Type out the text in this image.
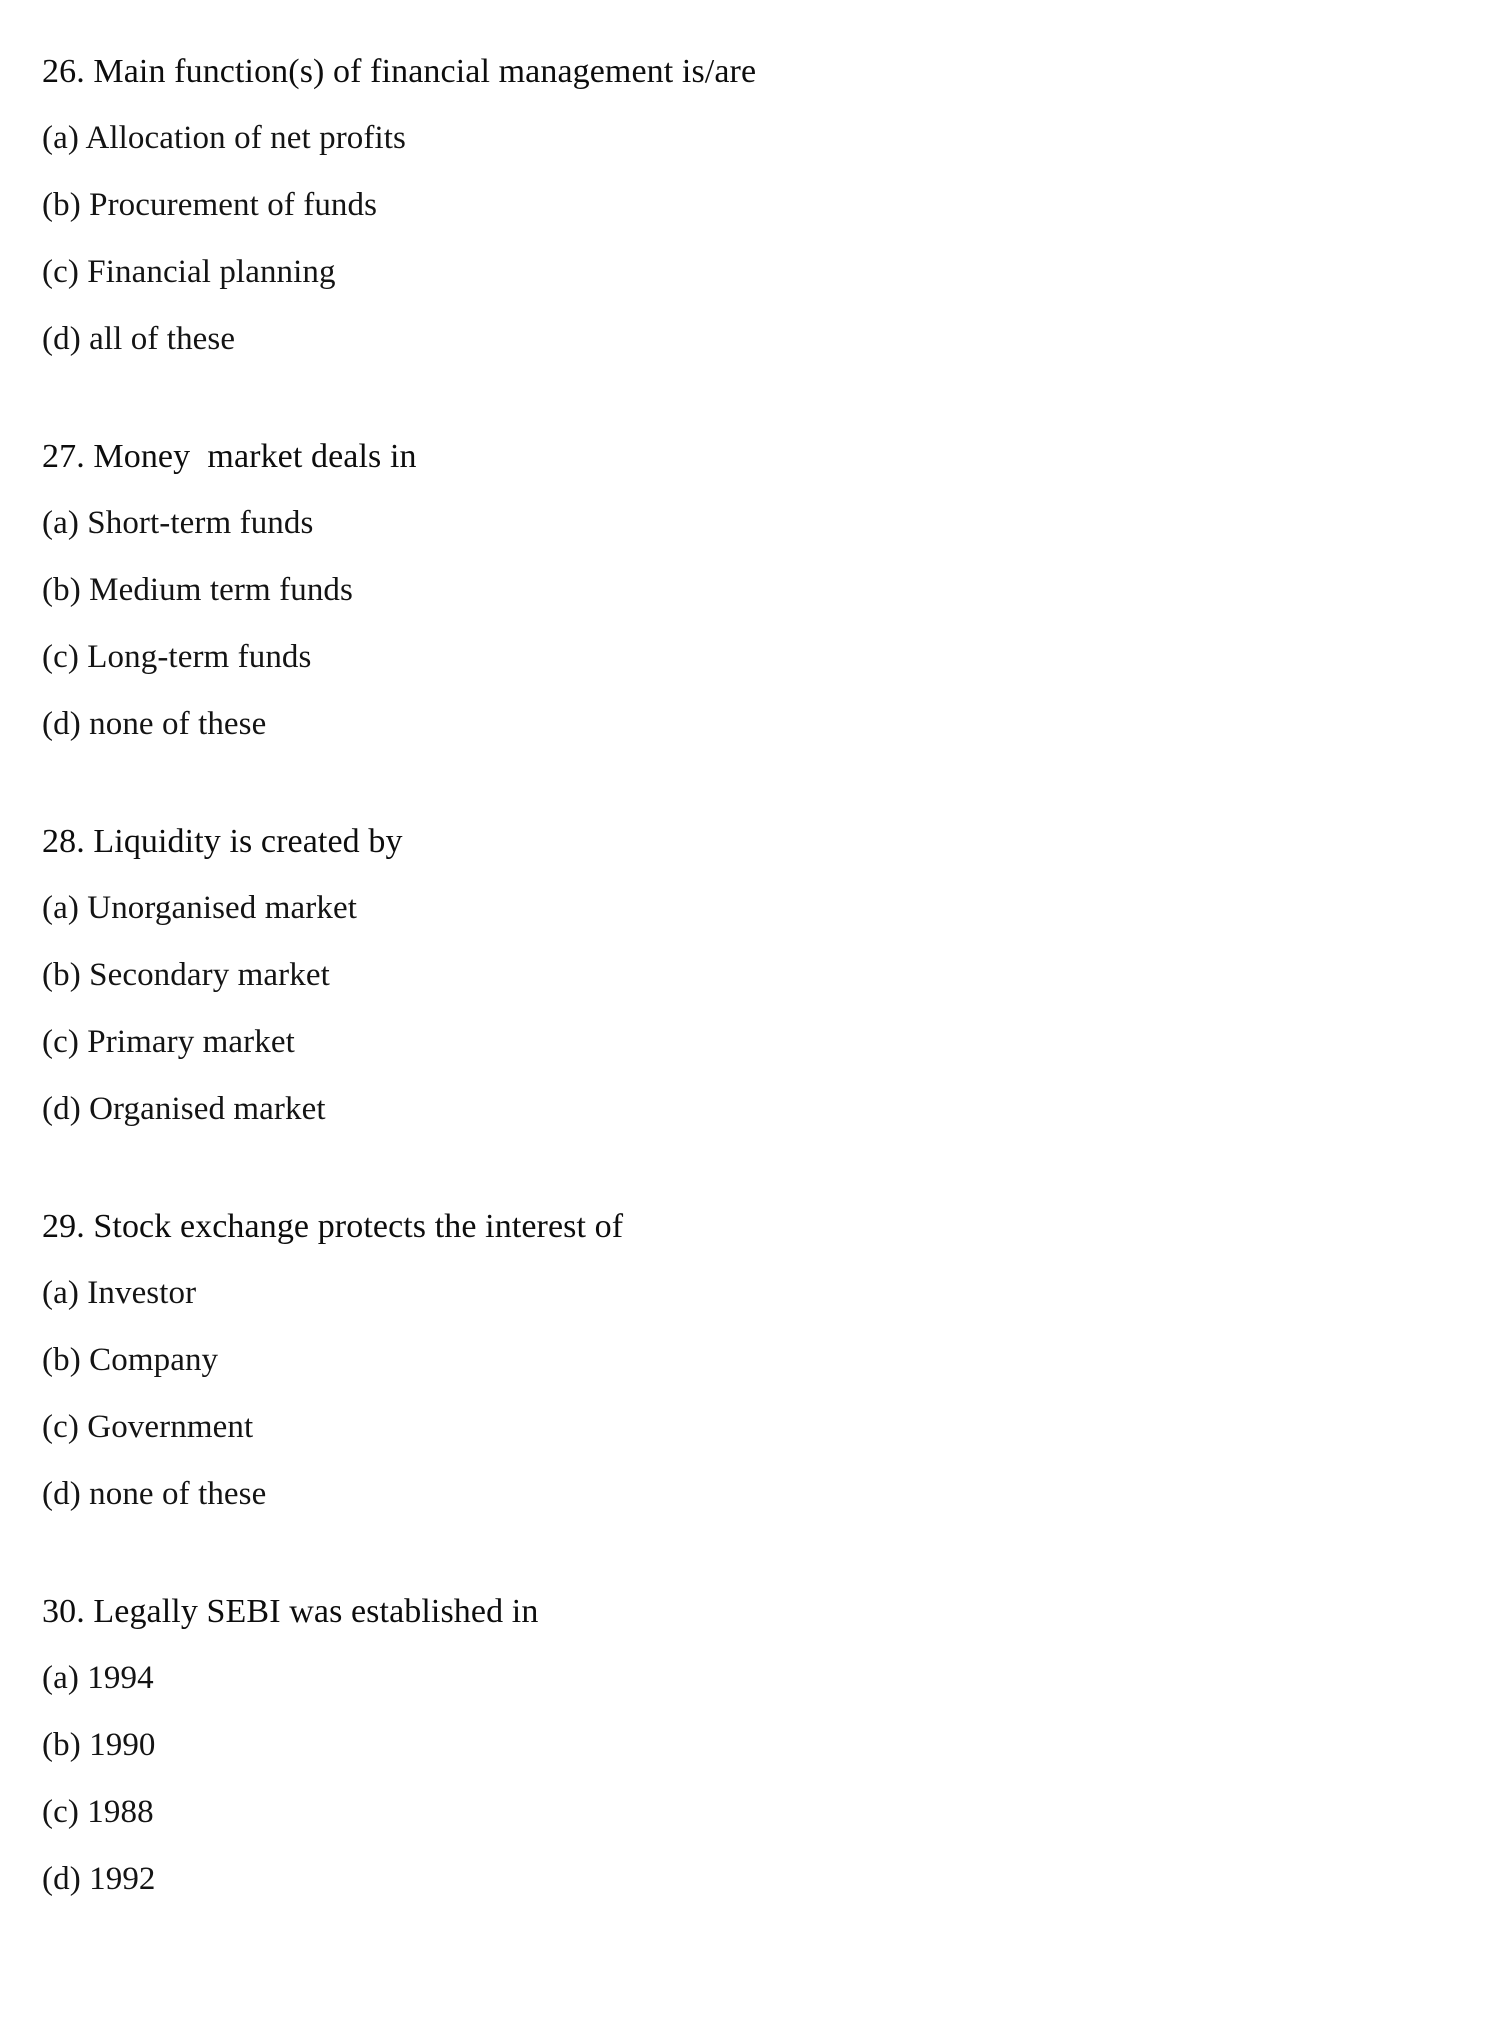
26. Main function(s) of financial management is/are
(a) Allocation of net profits
(b) Procurement of funds
(c) Financial planning
(d) all of these
27. Money  market deals in
(a) Short-term funds
(b) Medium term funds
(c) Long-term funds
(d) none of these
28. Liquidity is created by
(a) Unorganised market
(b) Secondary market
(c) Primary market
(d) Organised market
29. Stock exchange protects the interest of
(a) Investor
(b) Company
(c) Government
(d) none of these
30. Legally SEBI was established in
(a) 1994
(b) 1990
(c) 1988
(d) 1992
